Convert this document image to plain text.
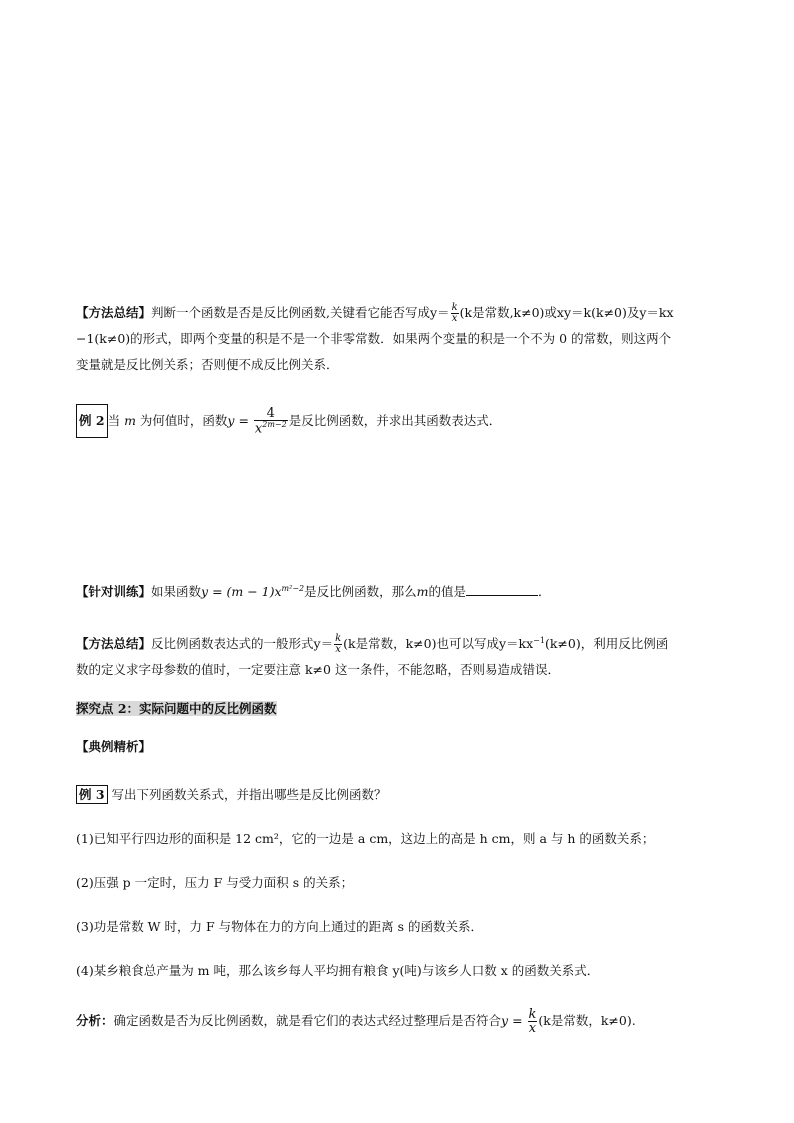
【方法总结】判断一个函数是否是反比例函数,关键看它能否写成$y= \frac{k}{x} (k$是常数,k≠0)或xy＝k(k≠0)及y＝kx
−1(k≠0)的形式，即两个变量的积是不是一个非零常数．如果两个变量的积是一个不为 0 的常数，则这两个
变量就是反比例关系；否则便不成反比例关系．
例 2 当 m 为何值时，函数$y = \frac{4}{x^{2m-2}}$ 是反比例函数，并求出其函数表达式．
【针对训练】如果函数$y = (m - 1)x^{m^2-2}$是反比例函数，那么m的值是	．
【方法总结】反比例函数表达式的一般形式$y= \frac{k}{x} (k$是常数，k≠0)也可以写成$y=kx^{-1}(k\ne 0)$，利用反比例函
数的定义求字母参数的值时，一定要注意 k≠0 这一条件，不能忽略，否则易造成错误．
探究点 2：实际问题中的反比例函数
【典例精析】
例 3 写出下列函数关系式，并指出哪些是反比例函数？
(1)已知平行四边形的面积是 12 cm²，它的一边是 a cm，这边上的高是 h cm，则 a 与 h 的函数关系；
(2)压强 p 一定时，压力 F 与受力面积 s 的关系；
(3)功是常数 W 时，力 F 与物体在力的方向上通过的距离 s 的函数关系．
(4)某乡粮食总产量为 m 吨，那么该乡每人平均拥有粮食 y(吨)与该乡人口数 x 的函数关系式．
分析：确定函数是否为反比例函数，就是看它们的表达式经过整理后是否符合$y = \frac{k}{x} (k$是常数，k≠0).
